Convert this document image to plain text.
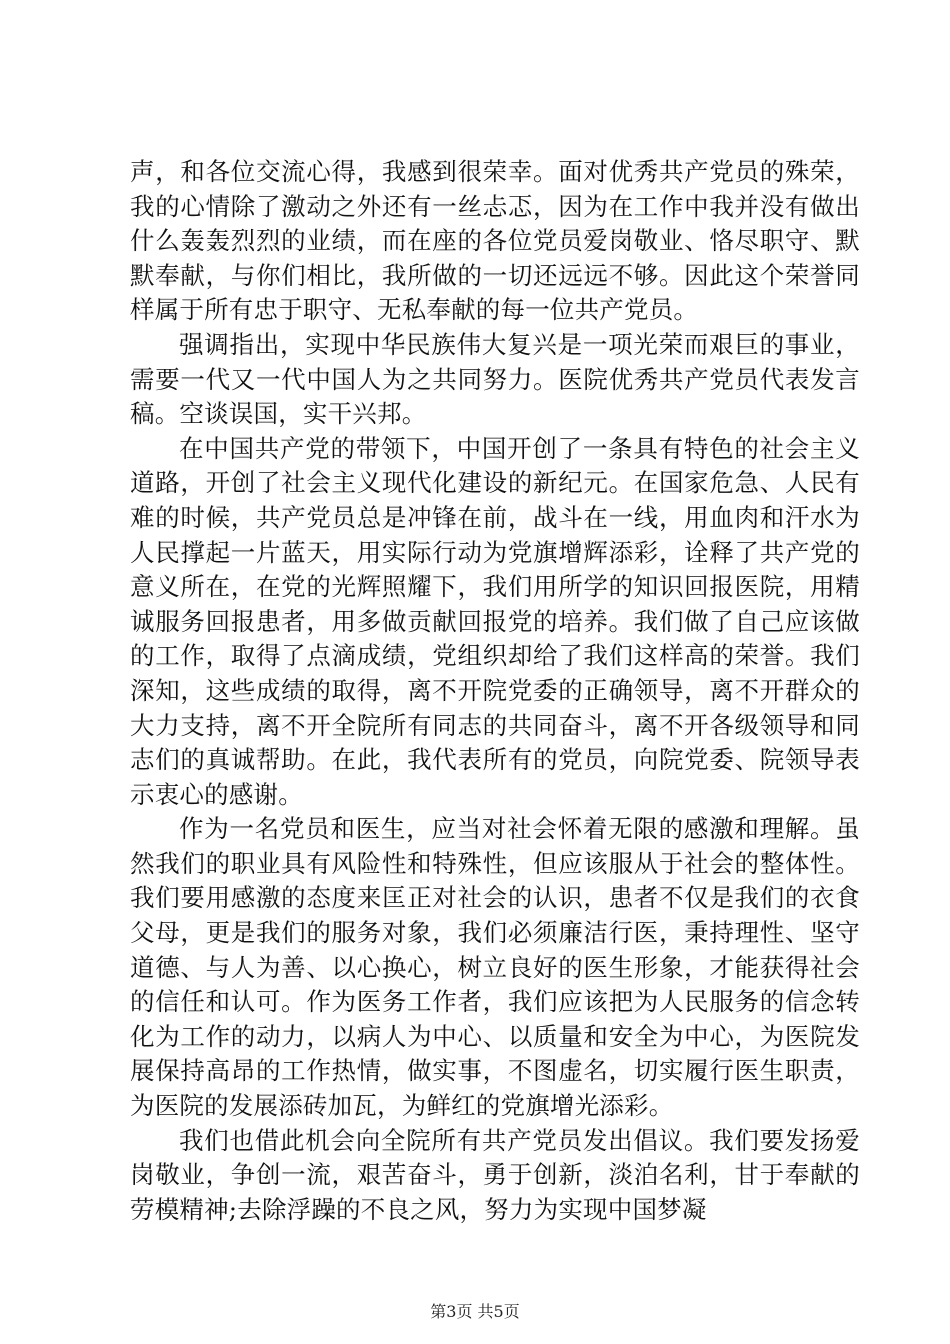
声，和各位交流心得，我感到很荣幸。面对优秀共产党员的殊荣，我的心情除了激动之外还有一丝忐忑，因为在工作中我并没有做出什么轰轰烈烈的业绩，而在座的各位党员爱岗敬业、恪尽职守、默默奉献，与你们相比，我所做的一切还远远不够。因此这个荣誉同样属于所有忠于职守、无私奉献的每一位共产党员。

强调指出，实现中华民族伟大复兴是一项光荣而艰巨的事业，需要一代又一代中国人为之共同努力。医院优秀共产党员代表发言稿。空谈误国，实干兴邦。

在中国共产党的带领下，中国开创了一条具有特色的社会主义道路，开创了社会主义现代化建设的新纪元。在国家危急、人民有难的时候，共产党员总是冲锋在前，战斗在一线，用血肉和汗水为人民撑起一片蓝天，用实际行动为党旗增辉添彩，诠释了共产党的意义所在，在党的光辉照耀下，我们用所学的知识回报医院，用精诚服务回报患者，用多做贡献回报党的培养。我们做了自己应该做的工作，取得了点滴成绩，党组织却给了我们这样高的荣誉。我们深知，这些成绩的取得，离不开院党委的正确领导，离不开群众的大力支持，离不开全院所有同志的共同奋斗，离不开各级领导和同志们的真诚帮助。在此，我代表所有的党员，向院党委、院领导表示衷心的感谢。

作为一名党员和医生，应当对社会怀着无限的感激和理解。虽然我们的职业具有风险性和特殊性，但应该服从于社会的整体性。我们要用感激的态度来匡正对社会的认识，患者不仅是我们的衣食父母，更是我们的服务对象，我们必须廉洁行医，秉持理性、坚守道德、与人为善、以心换心，树立良好的医生形象，才能获得社会的信任和认可。作为医务工作者，我们应该把为人民服务的信念转化为工作的动力，以病人为中心、以质量和安全为中心，为医院发展保持高昂的工作热情，做实事，不图虚名，切实履行医生职责，为医院的发展添砖加瓦，为鲜红的党旗增光添彩。

我们也借此机会向全院所有共产党员发出倡议。我们要发扬爱岗敬业，争创一流，艰苦奋斗，勇于创新，淡泊名利，甘于奉献的劳模精神;去除浮躁的不良之风，努力为实现中国梦凝

第3页 共5页
